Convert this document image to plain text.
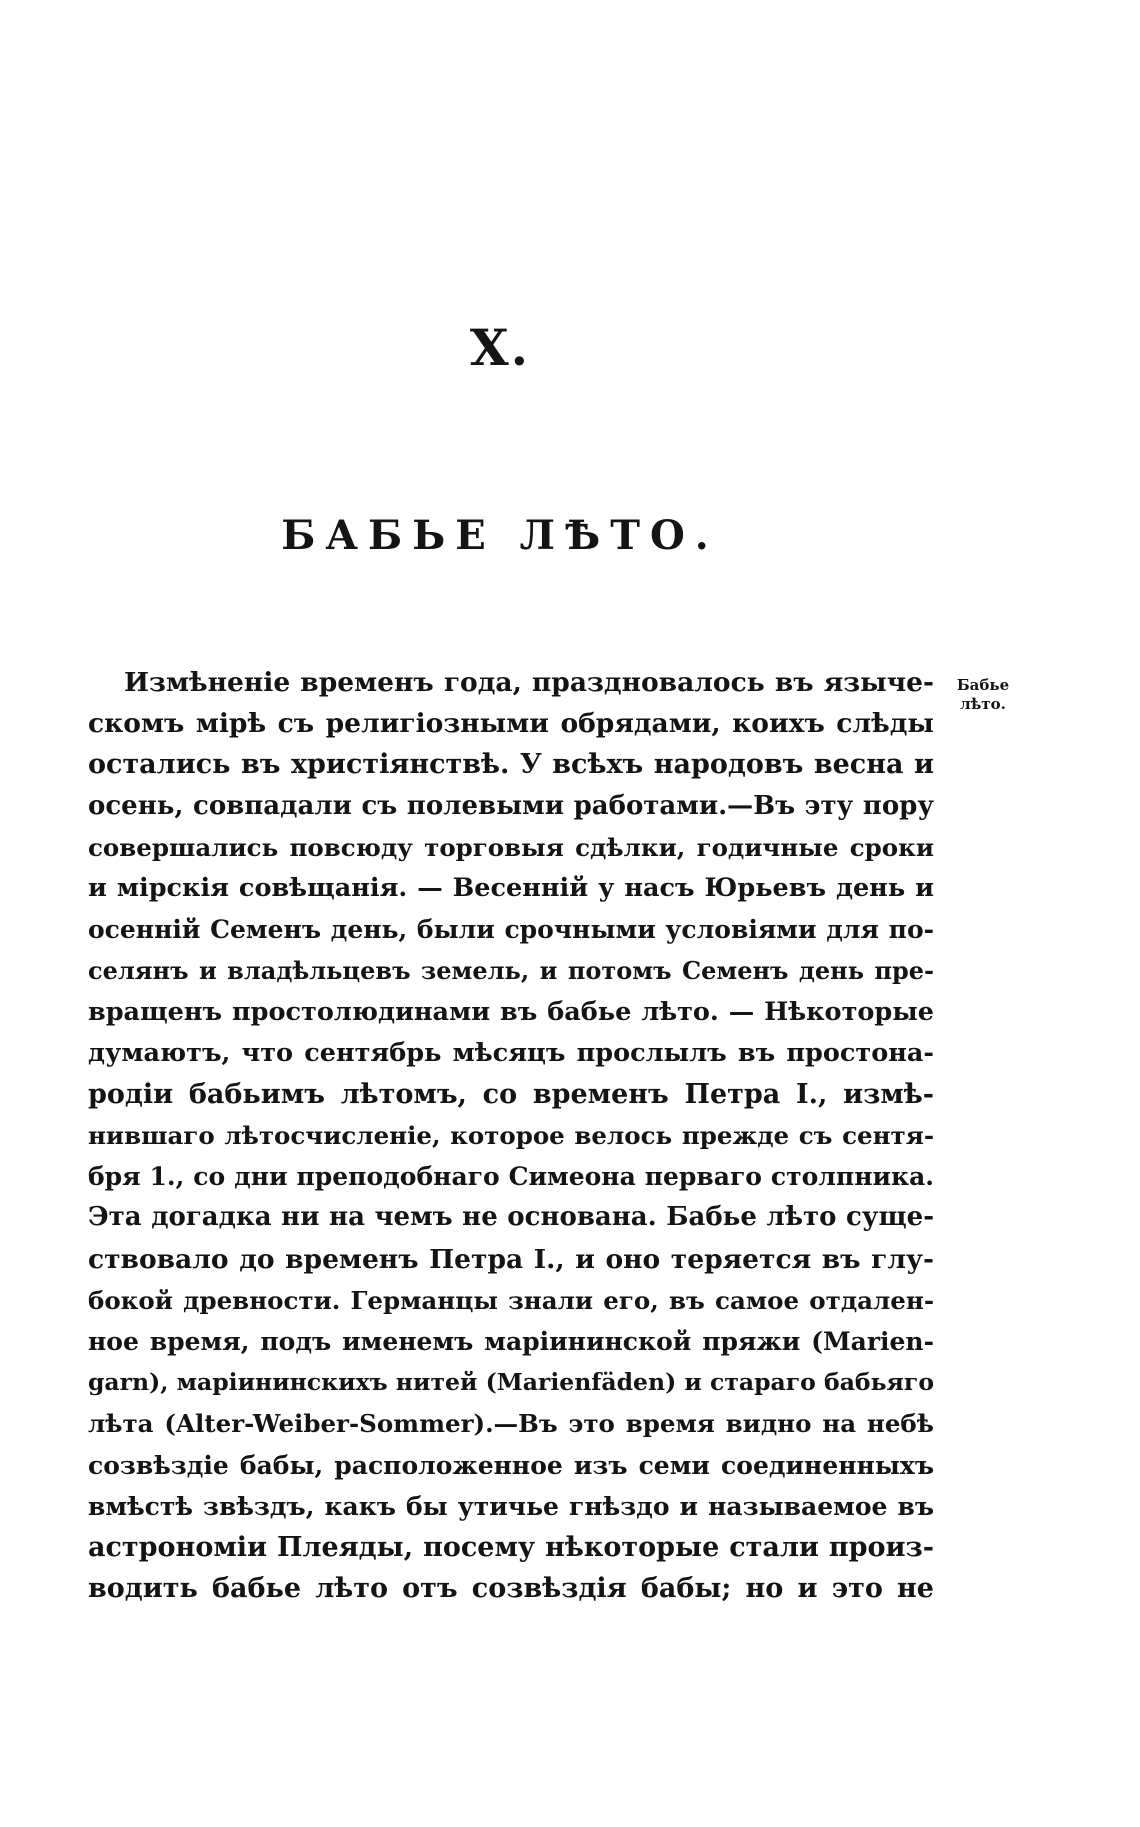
X.
БАБЬЕ ЛѢТО.
Бабье
лѣто.
Измѣненіе временъ года, праздновалось въ языче-
скомъ мірѣ съ религіозными обрядами, коихъ слѣды
остались въ христіянствѣ. У всѣхъ народовъ весна и
осень, совпадали съ полевыми работами.—Въ эту пору
совершались повсюду торговыя сдѣлки, годичные сроки
и мірскія совѣщанія. — Весенній у насъ Юрьевъ день и
осенній Семенъ день, были срочными условіями для по-
селянъ и владѣльцевъ земель, и потомъ Семенъ день пре-
вращенъ простолюдинами въ бабье лѣто. — Нѣкоторые
думаютъ, что сентябрь мѣсяцъ прослылъ въ простона-
родіи бабьимъ лѣтомъ, со временъ Петра I., измѣ-
нившаго лѣтосчисленіе, которое велось прежде съ сентя-
бря 1., со дни преподобнаго Симеона перваго столпника.
Эта догадка ни на чемъ не основана. Бабье лѣто суще-
ствовало до временъ Петра I., и оно теряется въ глу-
бокой древности. Германцы знали его, въ самое отдален-
ное время, подъ именемъ маріининской пряжи (Marien-
garn), маріининскихъ нитей (Marienfäden) и стараго бабьяго
лѣта (Alter-Weiber-Sommer).—Въ это время видно на небѣ
созвѣздіе бабы, расположенное изъ семи соединенныхъ
вмѣстѣ звѣздъ, какъ бы утичье гнѣздо и называемое въ
астрономіи Плеяды, посему нѣкоторые стали произ-
водить бабье лѣто отъ созвѣздія бабы; но и это не
